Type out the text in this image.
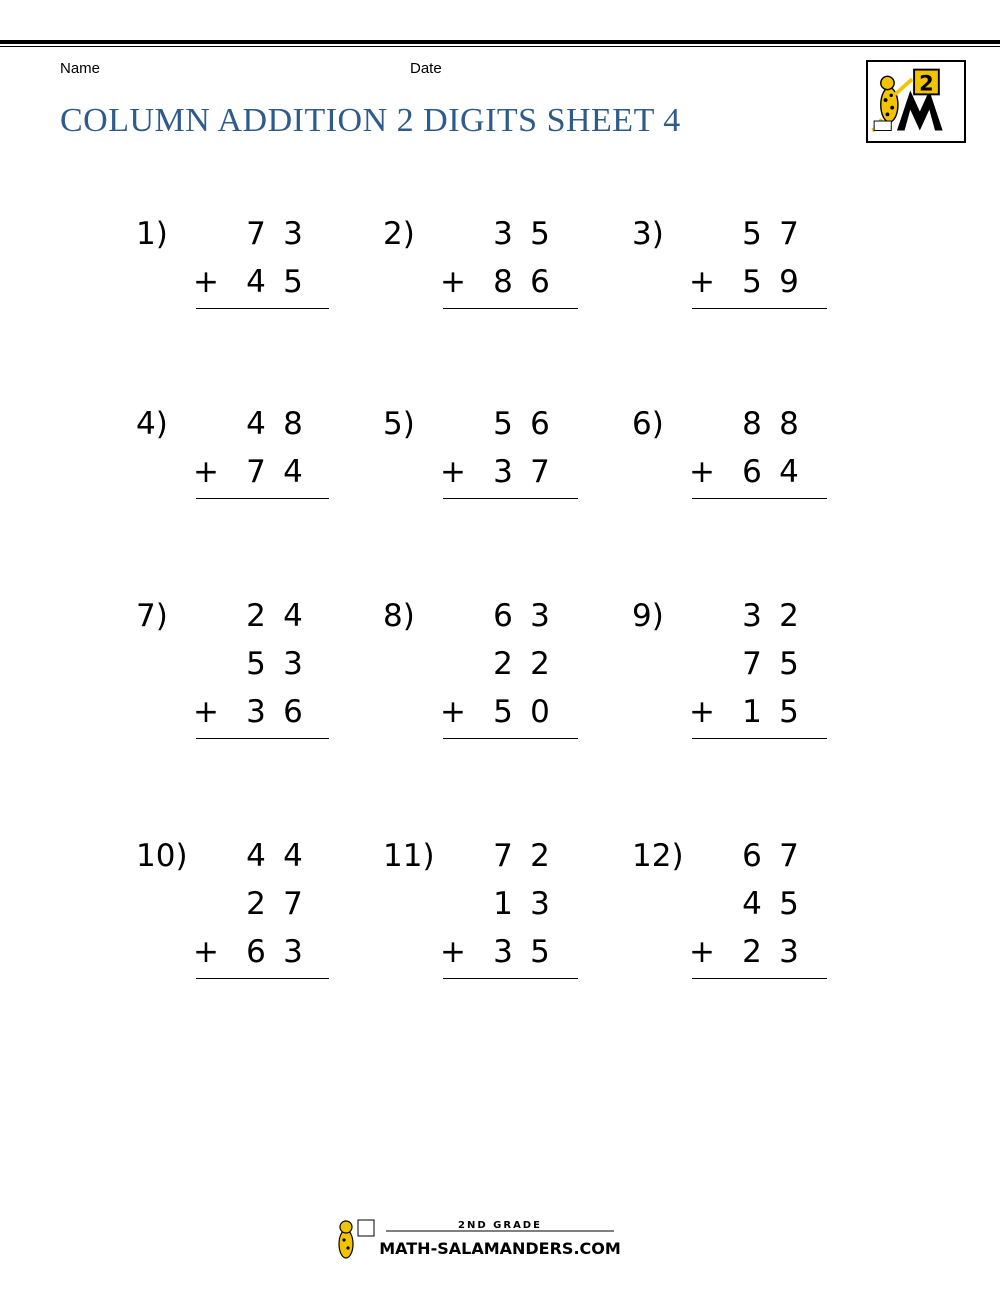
Name	Date
COLUMN ADDITION 2 DIGITS SHEET 4
2
1)	7 3
+ 4 5
2)	3 5
+ 8 6
3)	5 7
+ 5 9
4)	4 8
+ 7 4
5)	5 6
+ 3 7
6)	8 8
+ 6 4
7)	2 4
5 3
+ 3 6
8)	6 3
2 2
+ 5 0
9)	3 2
7 5
+ 1 5
10) 4 4
2 7
+ 6 3
11) 7 2
1 3
+ 3 5
12) 6 7
4 5
+ 2 3
2ND GRADE
MATH-SALAMANDERS.COM
